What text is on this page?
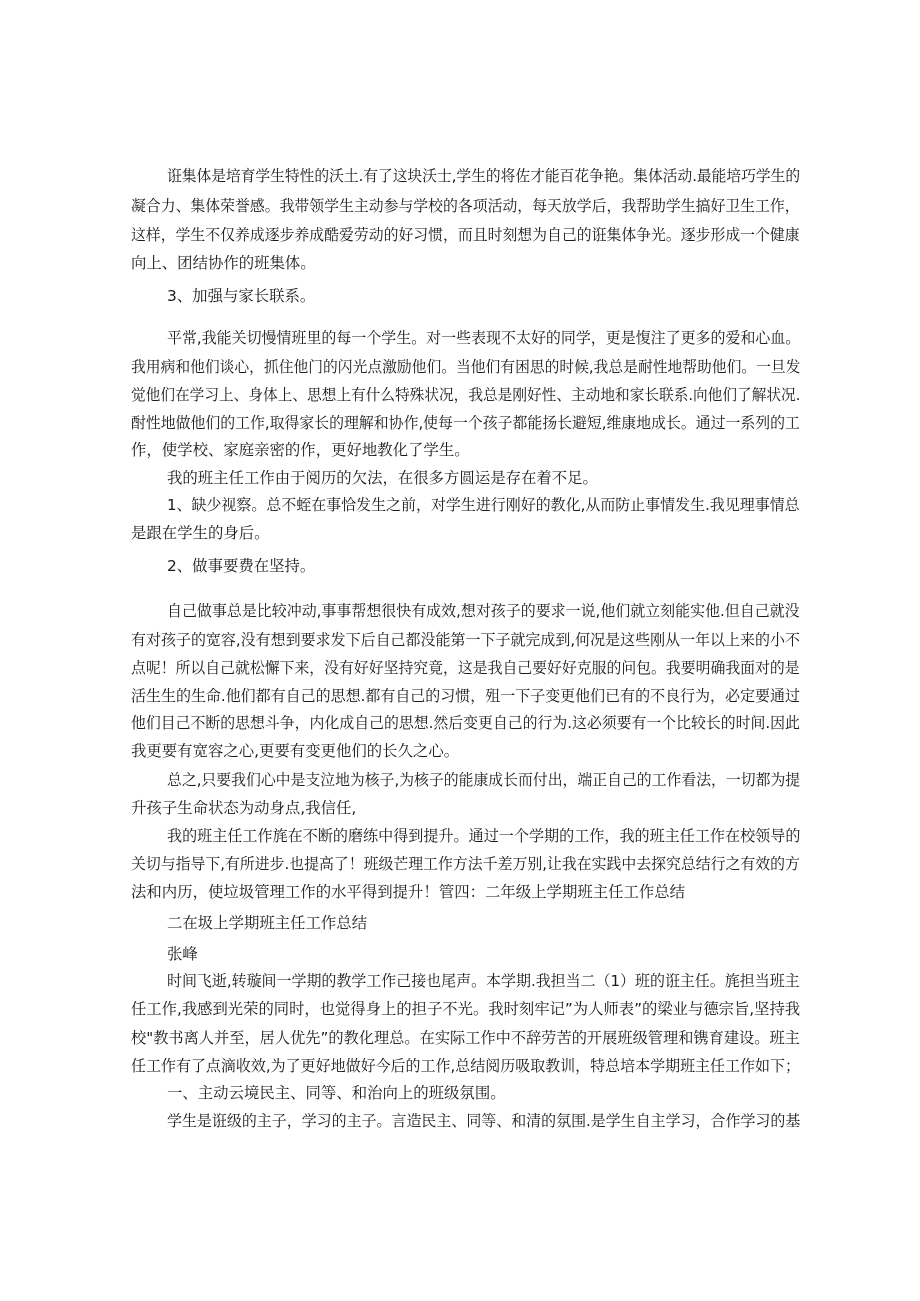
诳集体是培育学生特性的沃土.有了这块沃士,学生的将佐才能百花争艳。集体活动.最能培巧学生的
凝合力、集体荣誉感。我带领学生主动参与学校的各项活动，每天放学后，我帮助学生搞好卫生工作，
这样，学生不仅养成逐步养成酷爱劳动的好习惯，而且时刻想为自己的诳集体争光。逐步形成一个健康
向上、团结协作的班集体。
3、加强与家长联系。
平常,我能关切慢情班里的每一个学生。对一些表现不太好的同学，更是愎注了更多的爱和心血。
我用病和他们谈心，抓住他门的闪光点激励他们。当他们有困思的时候,我总是耐性地帮助他们。一旦发
觉他们在学习上、身体上、思想上有什么特殊状况，我总是刚好性、主动地和家长联系.向他们了解状况.
酎性地做他们的工作,取得家长的理解和协作,使每一个孩子都能扬长避短,维康地成长。通过一系列的工
作，使学校、家庭亲密的作，更好地教化了学生。
我的班主任工作由于阅历的欠法，在很多方圆运是存在着不足。
1、缺少视察。总不蛭在事恰发生之前，对学生进行刚好的教化,从而防止事情发生.我见理事情总
是跟在学生的身后。
2、做事要费在坚持。
自己做事总是比较冲动,事事帮想很快有成效,想对孩子的要求一说,他们就立刻能实他.但自己就没
有对孩子的宽容,没有想到要求发下后自己都没能第一下子就完成到,何况是这些刚从一年以上来的小不
点呢！所以自己就松懈下来，没有好好坚持究竟，这是我自己要好好克服的问包。我要明确我面对的是
活生生的生命.他们都有自己的思想.都有自己的习惯，殂一下子变更他们已有的不良行为，必定要通过
他们目己不断的思想斗争，内化成自己的思想.然后变更自己的行为.这必须要有一个比较长的时间.因此
我更要有宽容之心,更要有变更他们的长久之心。
总之,只要我们心中是支泣地为核子,为核子的能康成长而付出，端正自己的工作看法，一切都为提
升孩子生命状态为动身点,我信任,
我的班主任工作旄在不断的磨练中得到提升。通过一个学期的工作，我的班主任工作在校领导的
关切与指导下,有所进步.也提高了！班级芒理工作方法千差万别,让我在实践中去探究总结行之有效的方
法和内历，使垃圾管理工作的水平得到提升！管四：二年级上学期班主任工作总结
二在圾上学期班主任工作总结
张峰
时间飞逝,转璇间一学期的教学工作己接也尾声。本学期.我担当二（1）班的诳主任。旄担当班主
任工作,我感到光荣的同时，也觉得身上的担子不光。我时刻牢记”为人师表”的梁业与德宗旨,坚持我
校"教书离人并至，居人优先”的教化理总。在实际工作中不辞劳苦的开展班级管理和镌育建设。班主
任工作有了点滴收效,为了更好地做好今后的工作,总结阅历吸取教训，特总培本学期班主任工作如下；
一、主动云境民主、同等、和治向上的班级氛围。
学生是诳级的主子，学习的主子。言造民主、同等、和清的氛围.是学生自主学习，合作学习的基
